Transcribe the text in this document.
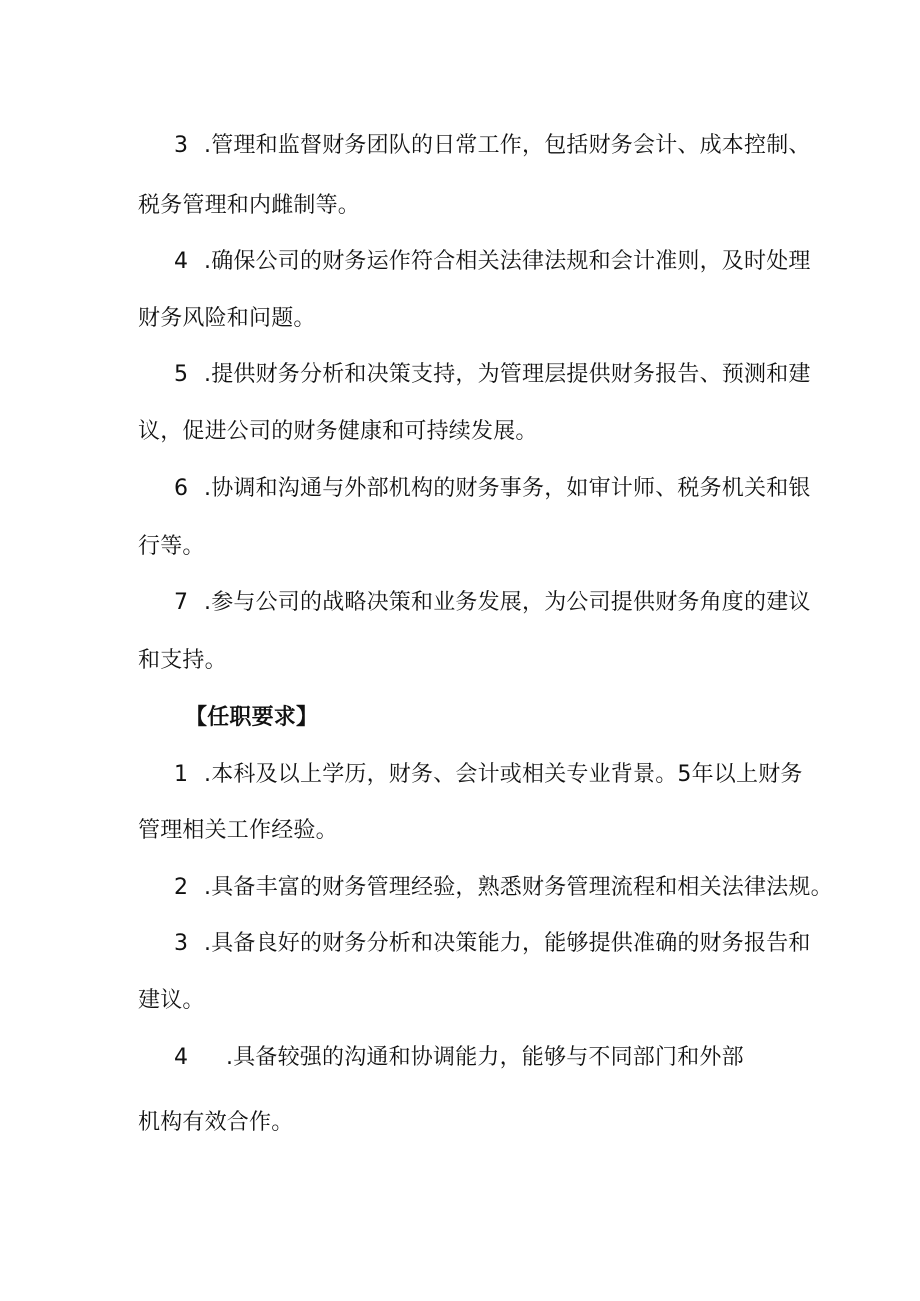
3 .管理和监督财务团队的日常工作，包括财务会计、成本控制、
税务管理和内雌制等。
4 .确保公司的财务运作符合相关法律法规和会计准则，及时处理
财务风险和问题。
5 .提供财务分析和决策支持，为管理层提供财务报告、预测和建
议，促进公司的财务健康和可持续发展。
6 .协调和沟通与外部机构的财务事务，如审计师、税务机关和银
行等。
7 .参与公司的战略决策和业务发展，为公司提供财务角度的建议
和支持。
【任职要求】
1 .本科及以上学历，财务、会计或相关专业背景。5年以上财务
管理相关工作经验。
2 .具备丰富的财务管理经验，熟悉财务管理流程和相关法律法规。
3 .具备良好的财务分析和决策能力，能够提供准确的财务报告和
建议。
4 .具备较强的沟通和协调能力，能够与不同部门和外部
机构有效合作。
